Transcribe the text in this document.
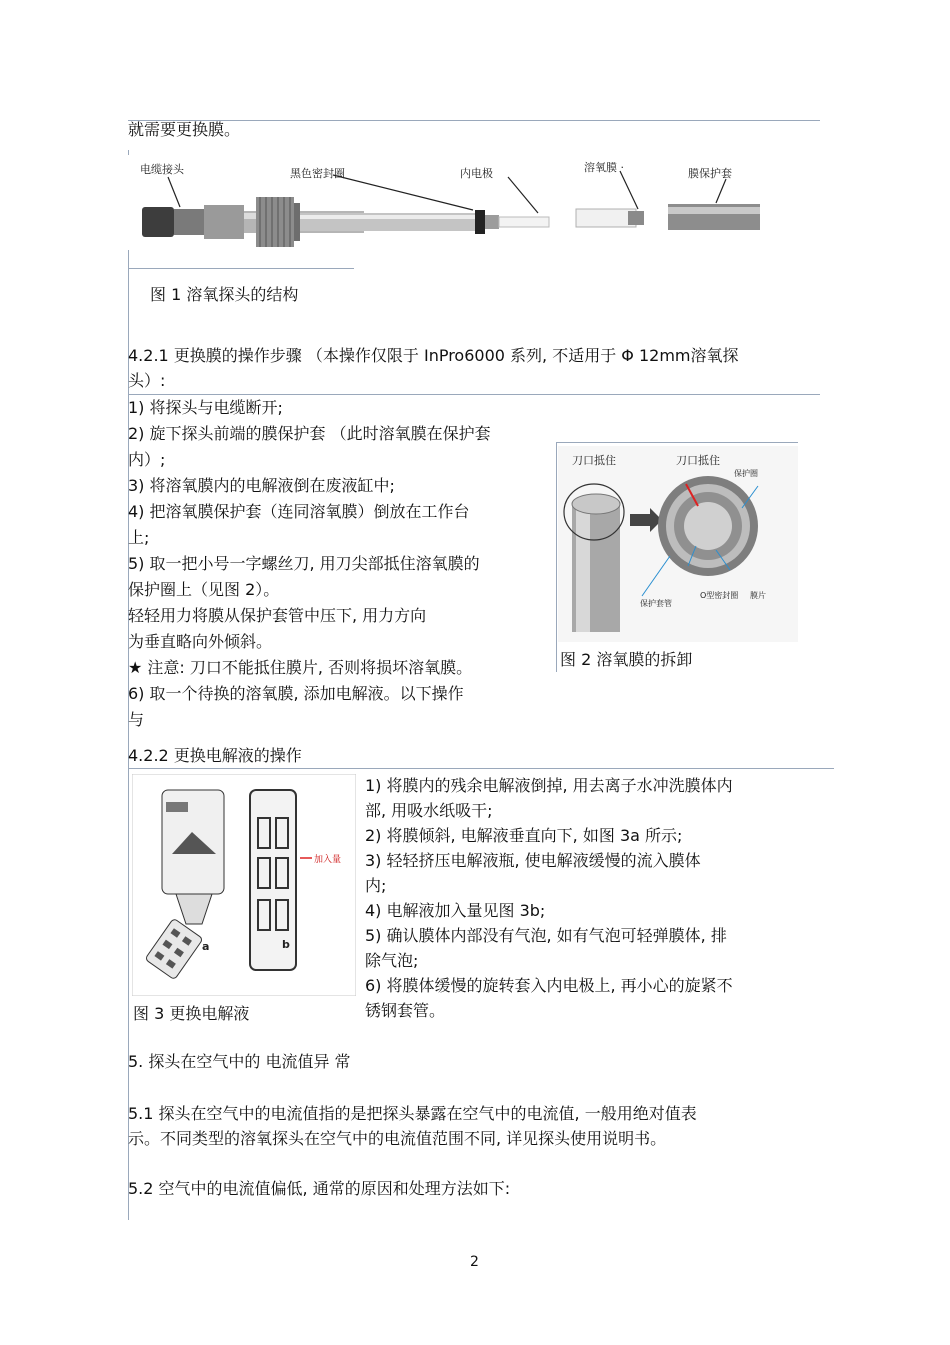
就需要更换膜。
电缆接头	黑色密封圈	内电极	溶氧膜 ·	膜保护套
图 1 溶氧探头的结构
4.2.1 更换膜的操作步骤 （本操作仅限于 InPro6000 系列, 不适用于 Φ 12mm溶氧探
头）:
1) 将探头与电缆断开;
2) 旋下探头前端的膜保护套 （此时溶氧膜在保护套
内）;
3) 将溶氧膜内的电解液倒在废液缸中;
4) 把溶氧膜保护套（连同溶氧膜）倒放在工作台
上;
5) 取一把小号一字螺丝刀, 用刀尖部抵住溶氧膜的
保护圈上（见图 2）。
轻轻用力将膜从保护套管中压下, 用力方向
为垂直略向外倾斜。
★ 注意: 刀口不能抵住膜片, 否则将损坏溶氧膜。
6) 取一个待换的溶氧膜, 添加电解液。以下操作
与
刀口抵住	刀口抵住
保护圈
保护套管
O型密封圈 膜片
图 2 溶氧膜的拆卸
4.2.2 更换电解液的操作
a	b
加入量
图 3 更换电解液
1) 将膜内的残余电解液倒掉, 用去离子水冲洗膜体内
部, 用吸水纸吸干;
2) 将膜倾斜, 电解液垂直向下, 如图 3a 所示;
3) 轻轻挤压电解液瓶, 使电解液缓慢的流入膜体
内;
4) 电解液加入量见图 3b;
5) 确认膜体内部没有气泡, 如有气泡可轻弹膜体, 排
除气泡;
6) 将膜体缓慢的旋转套入内电极上, 再小心的旋紧不
锈钢套管。
5. 探头在空气中的 电流值异 常
5.1 探头在空气中的电流值指的是把探头暴露在空气中的电流值, 一般用绝对值表
示。不同类型的溶氧探头在空气中的电流值范围不同, 详见探头使用说明书。
5.2 空气中的电流值偏低, 通常的原因和处理方法如下:
2
